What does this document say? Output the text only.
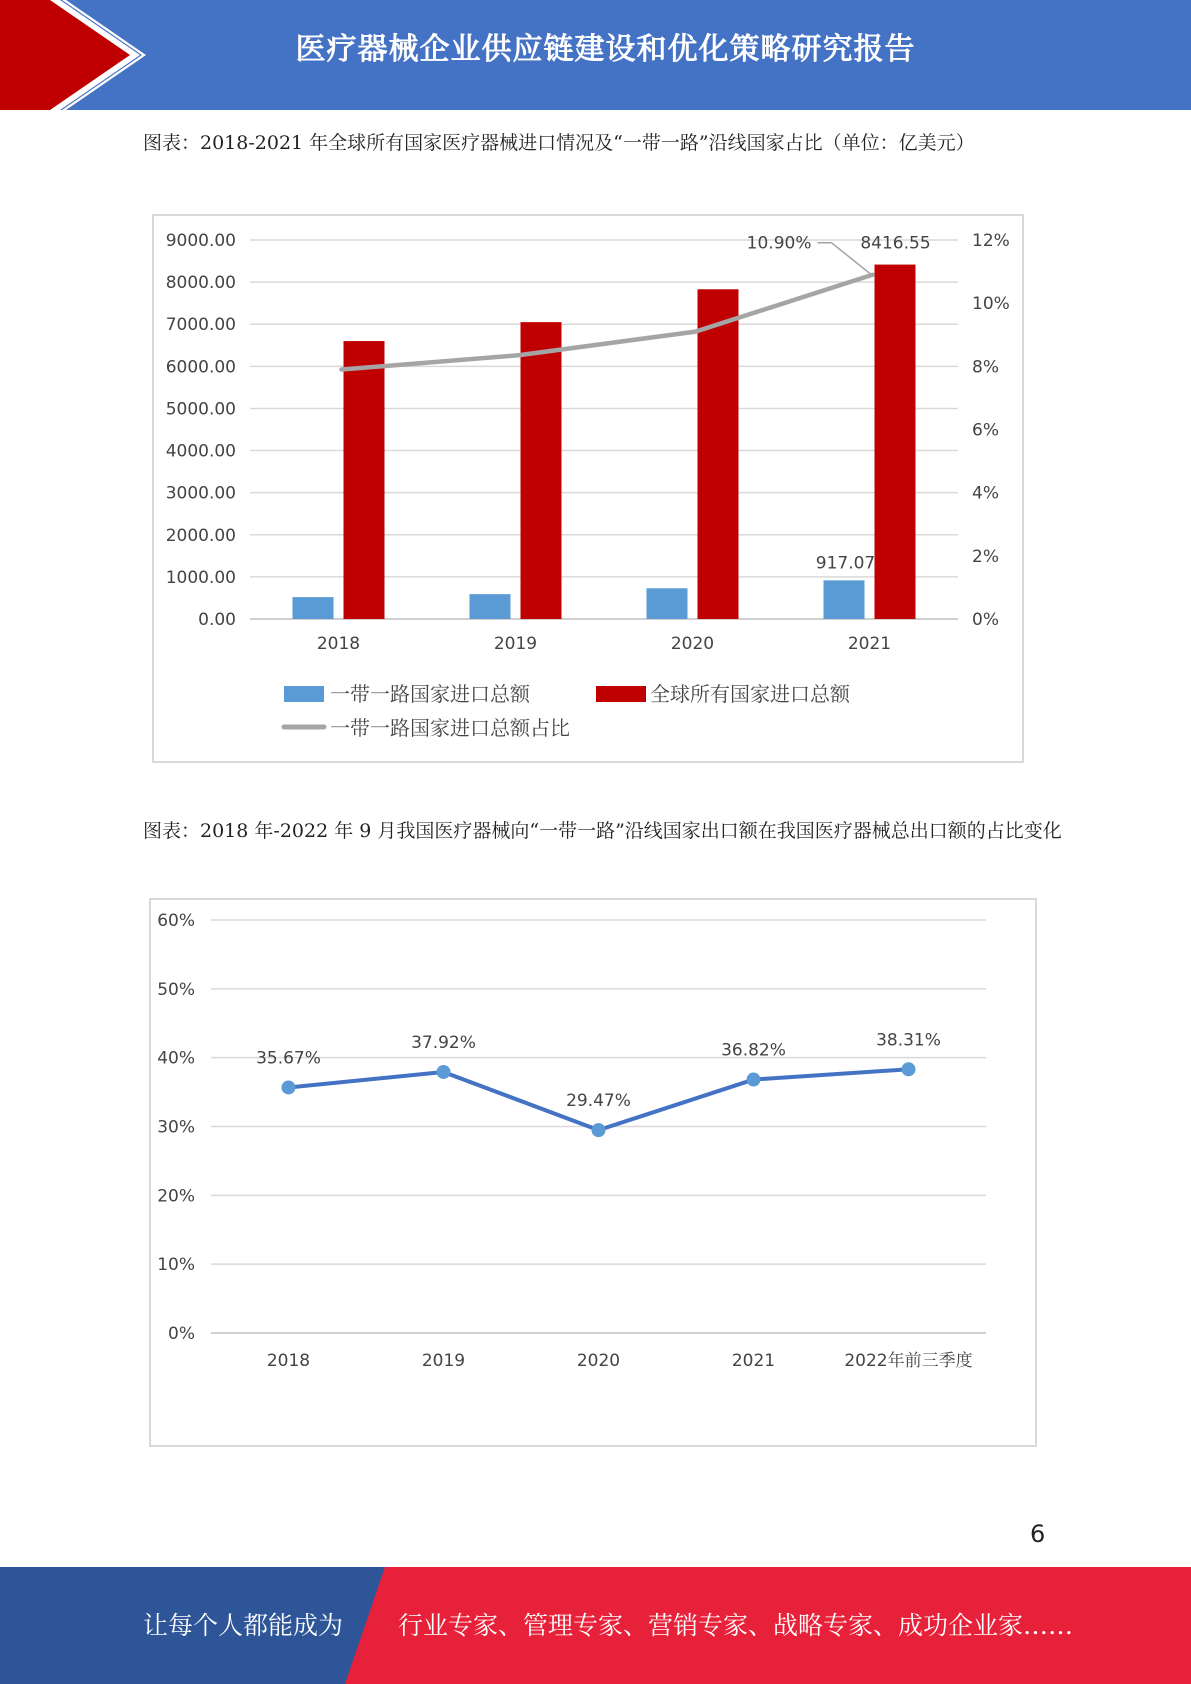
医疗器械企业供应链建设和优化策略研究报告
图表：2018-2021 年全球所有国家医疗器械进口情况及“一带一路”沿线国家占比（单位：亿美元）
0.00
1000.00
2000.00
3000.00
4000.00
5000.00
6000.00
7000.00
8000.00
9000.00
0%
2%
4%
6%
8%
10%
12%
2018	2019	2020	2021
917.07
8416.55
10.90%
一带一路国家进口总额	全球所有国家进口总额
一带一路国家进口总额占比
图表：2018 年-2022 年 9 月我国医疗器械向“一带一路”沿线国家出口额在我国医疗器械总出口额的占比变化
0%
10%
20%
30%
40%
50%
60%
35.67%
2018
37.92%
2019
29.47%
2020
36.82%
2021
38.31%
2022年前三季度
6
让每个人都能成为 行业专家、管理专家、营销专家、战略专家、成功企业家……
